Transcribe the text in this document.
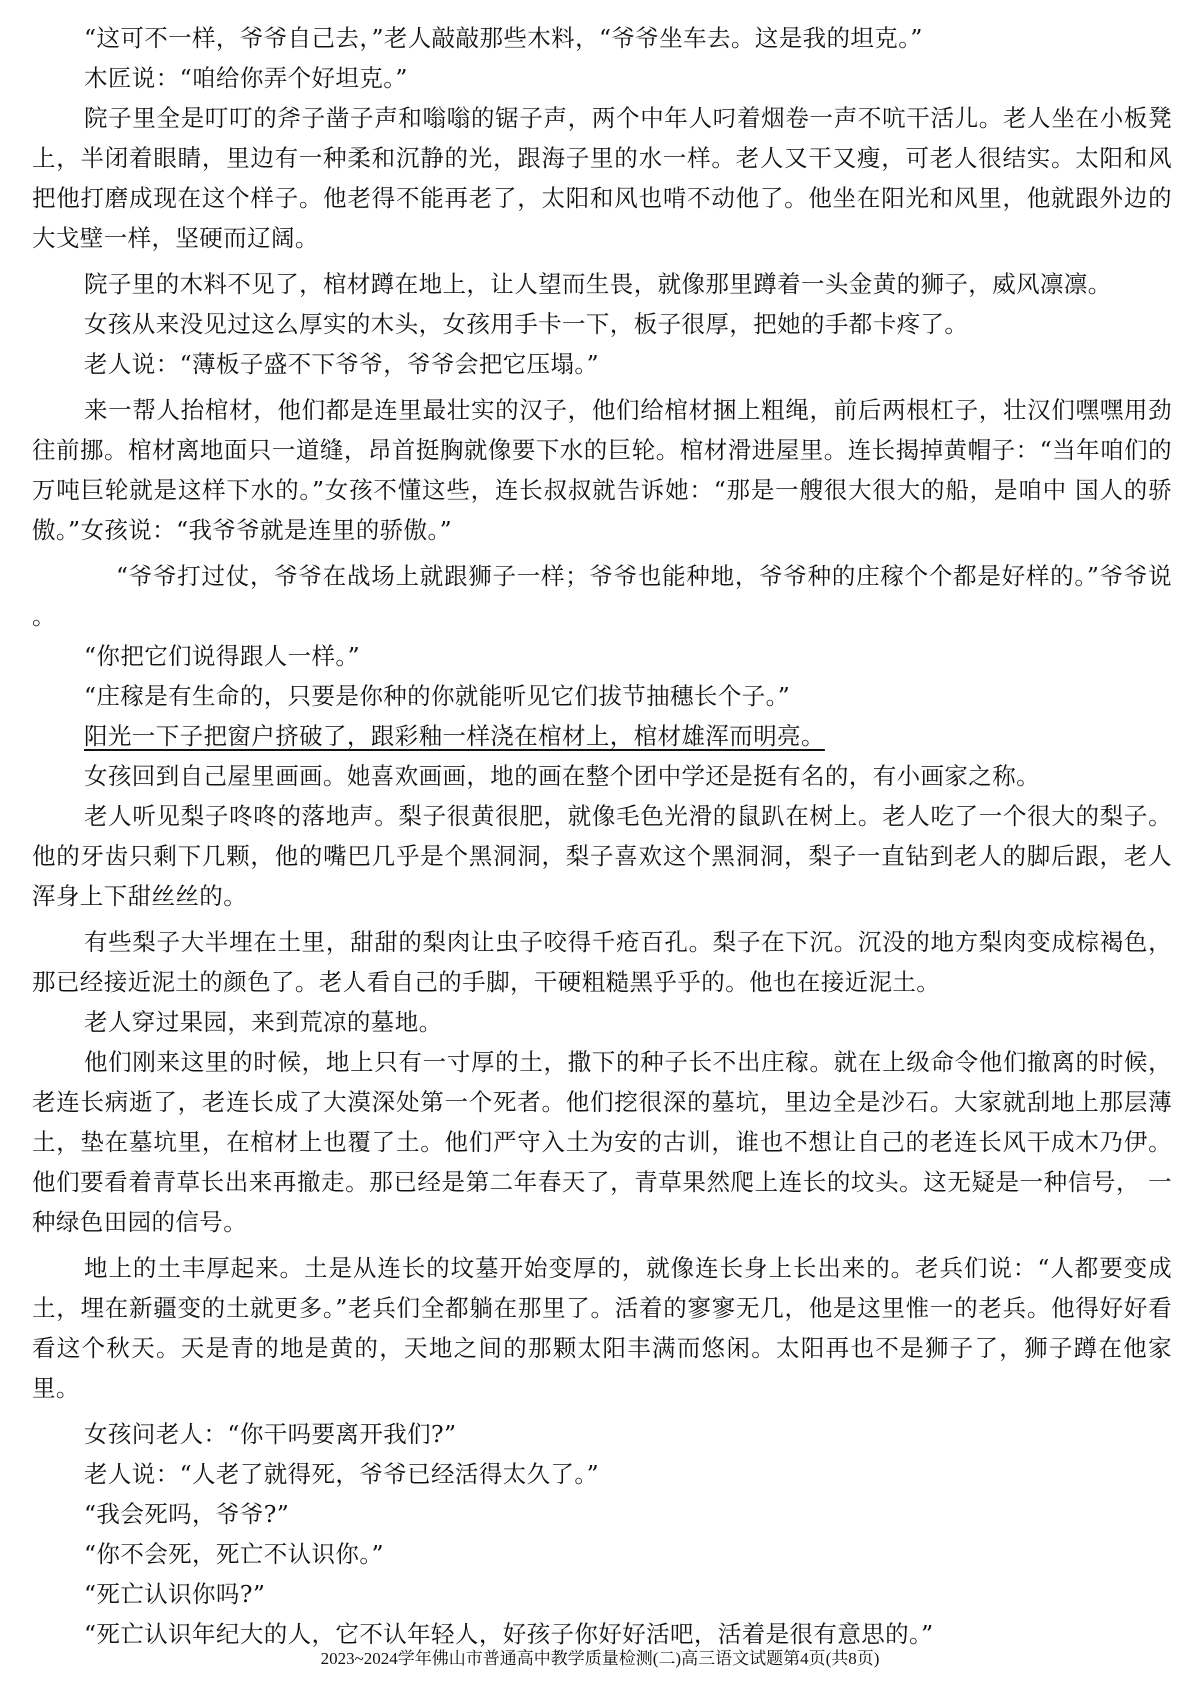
“这可不一样，爷爷自己去，”老人敲敲那些木料，“爷爷坐车去。这是我的坦克。”

木匠说：“咱给你弄个好坦克。”

院子里全是叮叮的斧子凿子声和嗡嗡的锯子声，两个中年人叼着烟卷一声不吭干活儿。老人坐在小板凳上，半闭着眼睛，里边有一种柔和沉静的光，跟海子里的水一样。老人又干又瘦，可老人很结实。太阳和风把他打磨成现在这个样子。他老得不能再老了，太阳和风也啃不动他了。他坐在阳光和风里，他就跟外边的大戈壁一样，坚硬而辽阔。

院子里的木料不见了，棺材蹲在地上，让人望而生畏，就像那里蹲着一头金黄的狮子，威风凛凛。

女孩从来没见过这么厚实的木头，女孩用手卡一下，板子很厚，把她的手都卡疼了。

老人说：“薄板子盛不下爷爷，爷爷会把它压塌。”

来一帮人抬棺材，他们都是连里最壮实的汉子，他们给棺材捆上粗绳，前后两根杠子，壮汉们嘿嘿用劲往前挪。棺材离地面只一道缝，昂首挺胸就像要下水的巨轮。棺材滑进屋里。连长揭掉黄帽子：“当年咱们的万吨巨轮就是这样下水的。”女孩不懂这些，连长叔叔就告诉她：“那是一艘很大很大的船，是咱中 国人的骄傲。”女孩说：“我爷爷就是连里的骄傲。”

“爷爷打过仗，爷爷在战场上就跟狮子一样；爷爷也能种地，爷爷种的庄稼个个都是好样的。”爷爷说 。

“你把它们说得跟人一样。”

“庄稼是有生命的，只要是你种的你就能听见它们拔节抽穗长个子。”

阳光一下子把窗户挤破了，跟彩釉一样浇在棺材上，棺材雄浑而明亮。

女孩回到自己屋里画画。她喜欢画画，地的画在整个团中学还是挺有名的，有小画家之称。

老人听见梨子咚咚的落地声。梨子很黄很肥，就像毛色光滑的鼠趴在树上。老人吃了一个很大的梨子。他的牙齿只剩下几颗，他的嘴巴几乎是个黑洞洞，梨子喜欢这个黑洞洞，梨子一直钻到老人的脚后跟，老人浑身上下甜丝丝的。

有些梨子大半埋在土里，甜甜的梨肉让虫子咬得千疮百孔。梨子在下沉。沉没的地方梨肉变成棕褐色，那已经接近泥土的颜色了。老人看自己的手脚，干硬粗糙黑乎乎的。他也在接近泥土。

老人穿过果园，来到荒凉的墓地。

他们刚来这里的时候，地上只有一寸厚的土，撒下的种子长不出庄稼。就在上级命令他们撤离的时候，老连长病逝了，老连长成了大漠深处第一个死者。他们挖很深的墓坑，里边全是沙石。大家就刮地上那层薄土，垫在墓坑里，在棺材上也覆了土。他们严守入土为安的古训，谁也不想让自己的老连长风干成木乃伊。他们要看着青草长出来再撤走。那已经是第二年春天了，青草果然爬上连长的坟头。这无疑是一种信号， 一种绿色田园的信号。

地上的土丰厚起来。土是从连长的坟墓开始变厚的，就像连长身上长出来的。老兵们说：“人都要变成土，埋在新疆变的土就更多。”老兵们全都躺在那里了。活着的寥寥无几，他是这里惟一的老兵。他得好好看看这个秋天。天是青的地是黄的，天地之间的那颗太阳丰满而悠闲。太阳再也不是狮子了，狮子蹲在他家里。

女孩问老人：“你干吗要离开我们?”

老人说：“人老了就得死，爷爷已经活得太久了。”

“我会死吗，爷爷?”

“你不会死，死亡不认识你。”

“死亡认识你吗?”

“死亡认识年纪大的人，它不认年轻人，好孩子你好好活吧，活着是很有意思的。”

2023~2024学年佛山市普通高中教学质量检测(二)高三语文试题第4页(共8页)
